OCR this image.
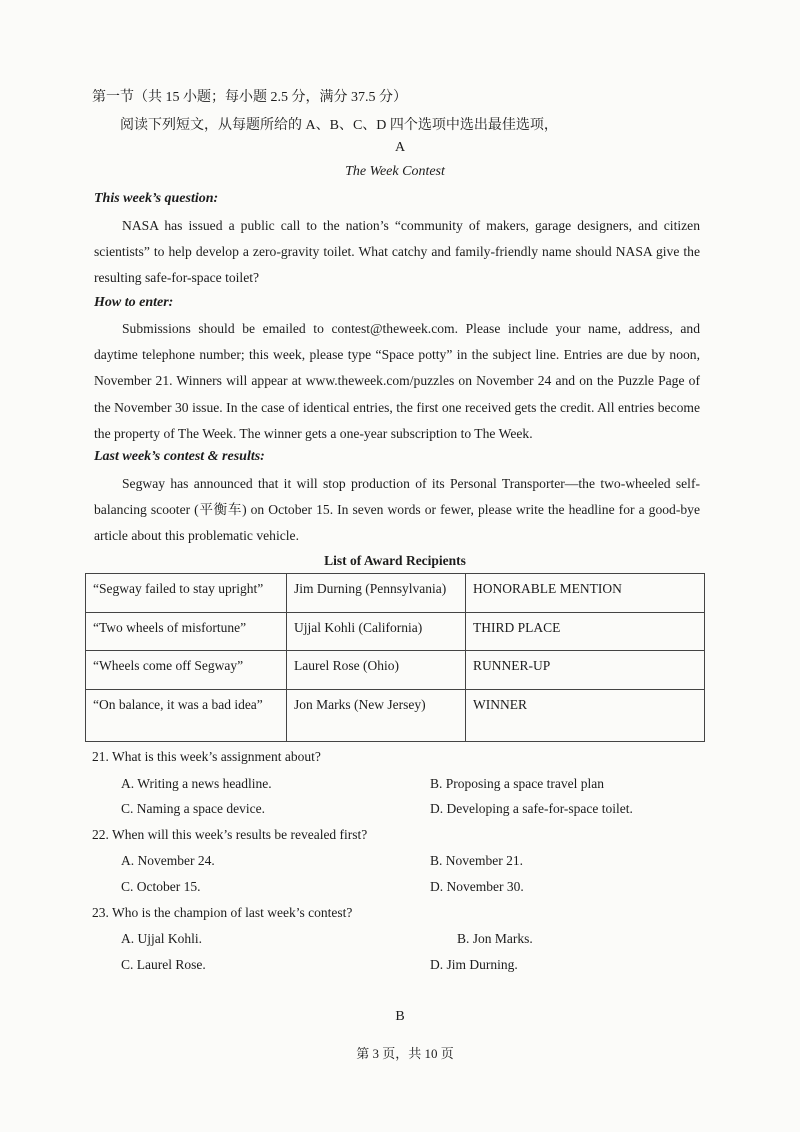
第一节（共 15 小题；每小题 2.5 分，满分 37.5 分）
阅读下列短文，从每题所给的 A、B、C、D 四个选项中选出最佳选项，
A
The Week Contest
This week’s question:
NASA has issued a public call to the nation’s “community of makers, garage designers, and citizen scientists” to help develop a zero-gravity toilet. What catchy and family-friendly name should NASA give the resulting safe-for-space toilet?
How to enter:
Submissions should be emailed to contest@theweek.com. Please include your name, address, and daytime telephone number; this week, please type “Space potty” in the subject line. Entries are due by noon, November 21. Winners will appear at www.theweek.com/puzzles on November 24 and on the Puzzle Page of the November 30 issue. In the case of identical entries, the first one received gets the credit. All entries become the property of The Week. The winner gets a one-year subscription to The Week.
Last week’s contest & results:
Segway has announced that it will stop production of its Personal Transporter—the two-wheeled self-balancing scooter (平衡车) on October 15. In seven words or fewer, please write the headline for a good-bye article about this problematic vehicle.
List of Award Recipients
“Segway failed to stay upright”	Jim Durning (Pennsylvania)	HONORABLE MENTION
“Two wheels of misfortune”	Ujjal Kohli (California)	THIRD PLACE
“Wheels come off Segway”	Laurel Rose (Ohio)	RUNNER-UP
“On balance, it was a bad idea”	Jon Marks (New Jersey)	WINNER
21. What is this week’s assignment about?
A. Writing a news headline.	B. Proposing a space travel plan
C. Naming a space device.	D. Developing a safe-for-space toilet.
22. When will this week’s results be revealed first?
A. November 24.	B. November 21.
C. October 15.	D. November 30.
23. Who is the champion of last week’s contest?
A. Ujjal Kohli.	B. Jon Marks.
C. Laurel Rose.	D. Jim Durning.
B
第 3 页，共 10 页
